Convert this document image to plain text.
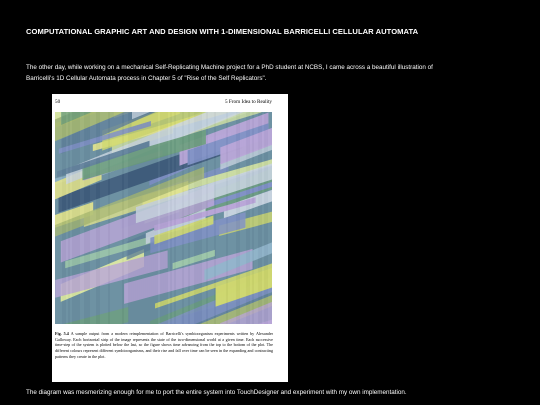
COMPUTATIONAL GRAPHIC ART AND DESIGN WITH 1-DIMENSIONAL BARRICELLI CELLULAR AUTOMATA
The other day, while working on a mechanical Self-Replicating Machine project for a PhD student at NCBS, I came across a beautiful illustration of Barricelli's 1D Cellular Automata process in Chapter 5 of "Rise of the Self Replicators".
50	5 From Idea to Reality
Fig. 5.4 A sample output from a modern reimplementation of Barricelli's symbioorganism experiments written by Alexander Galloway. Each horizontal strip of the image represents the state of the two-dimensional world at a given time. Each successive time-step of the system is plotted below the last, so the figure shows time advancing from the top to the bottom of the plot. The different colours represent different symbioorganisms, and their rise and fall over time can be seen in the expanding and contracting patterns they create in the plot.
The diagram was mesmerizing enough for me to port the entire system into TouchDesigner and experiment with my own implementation.
